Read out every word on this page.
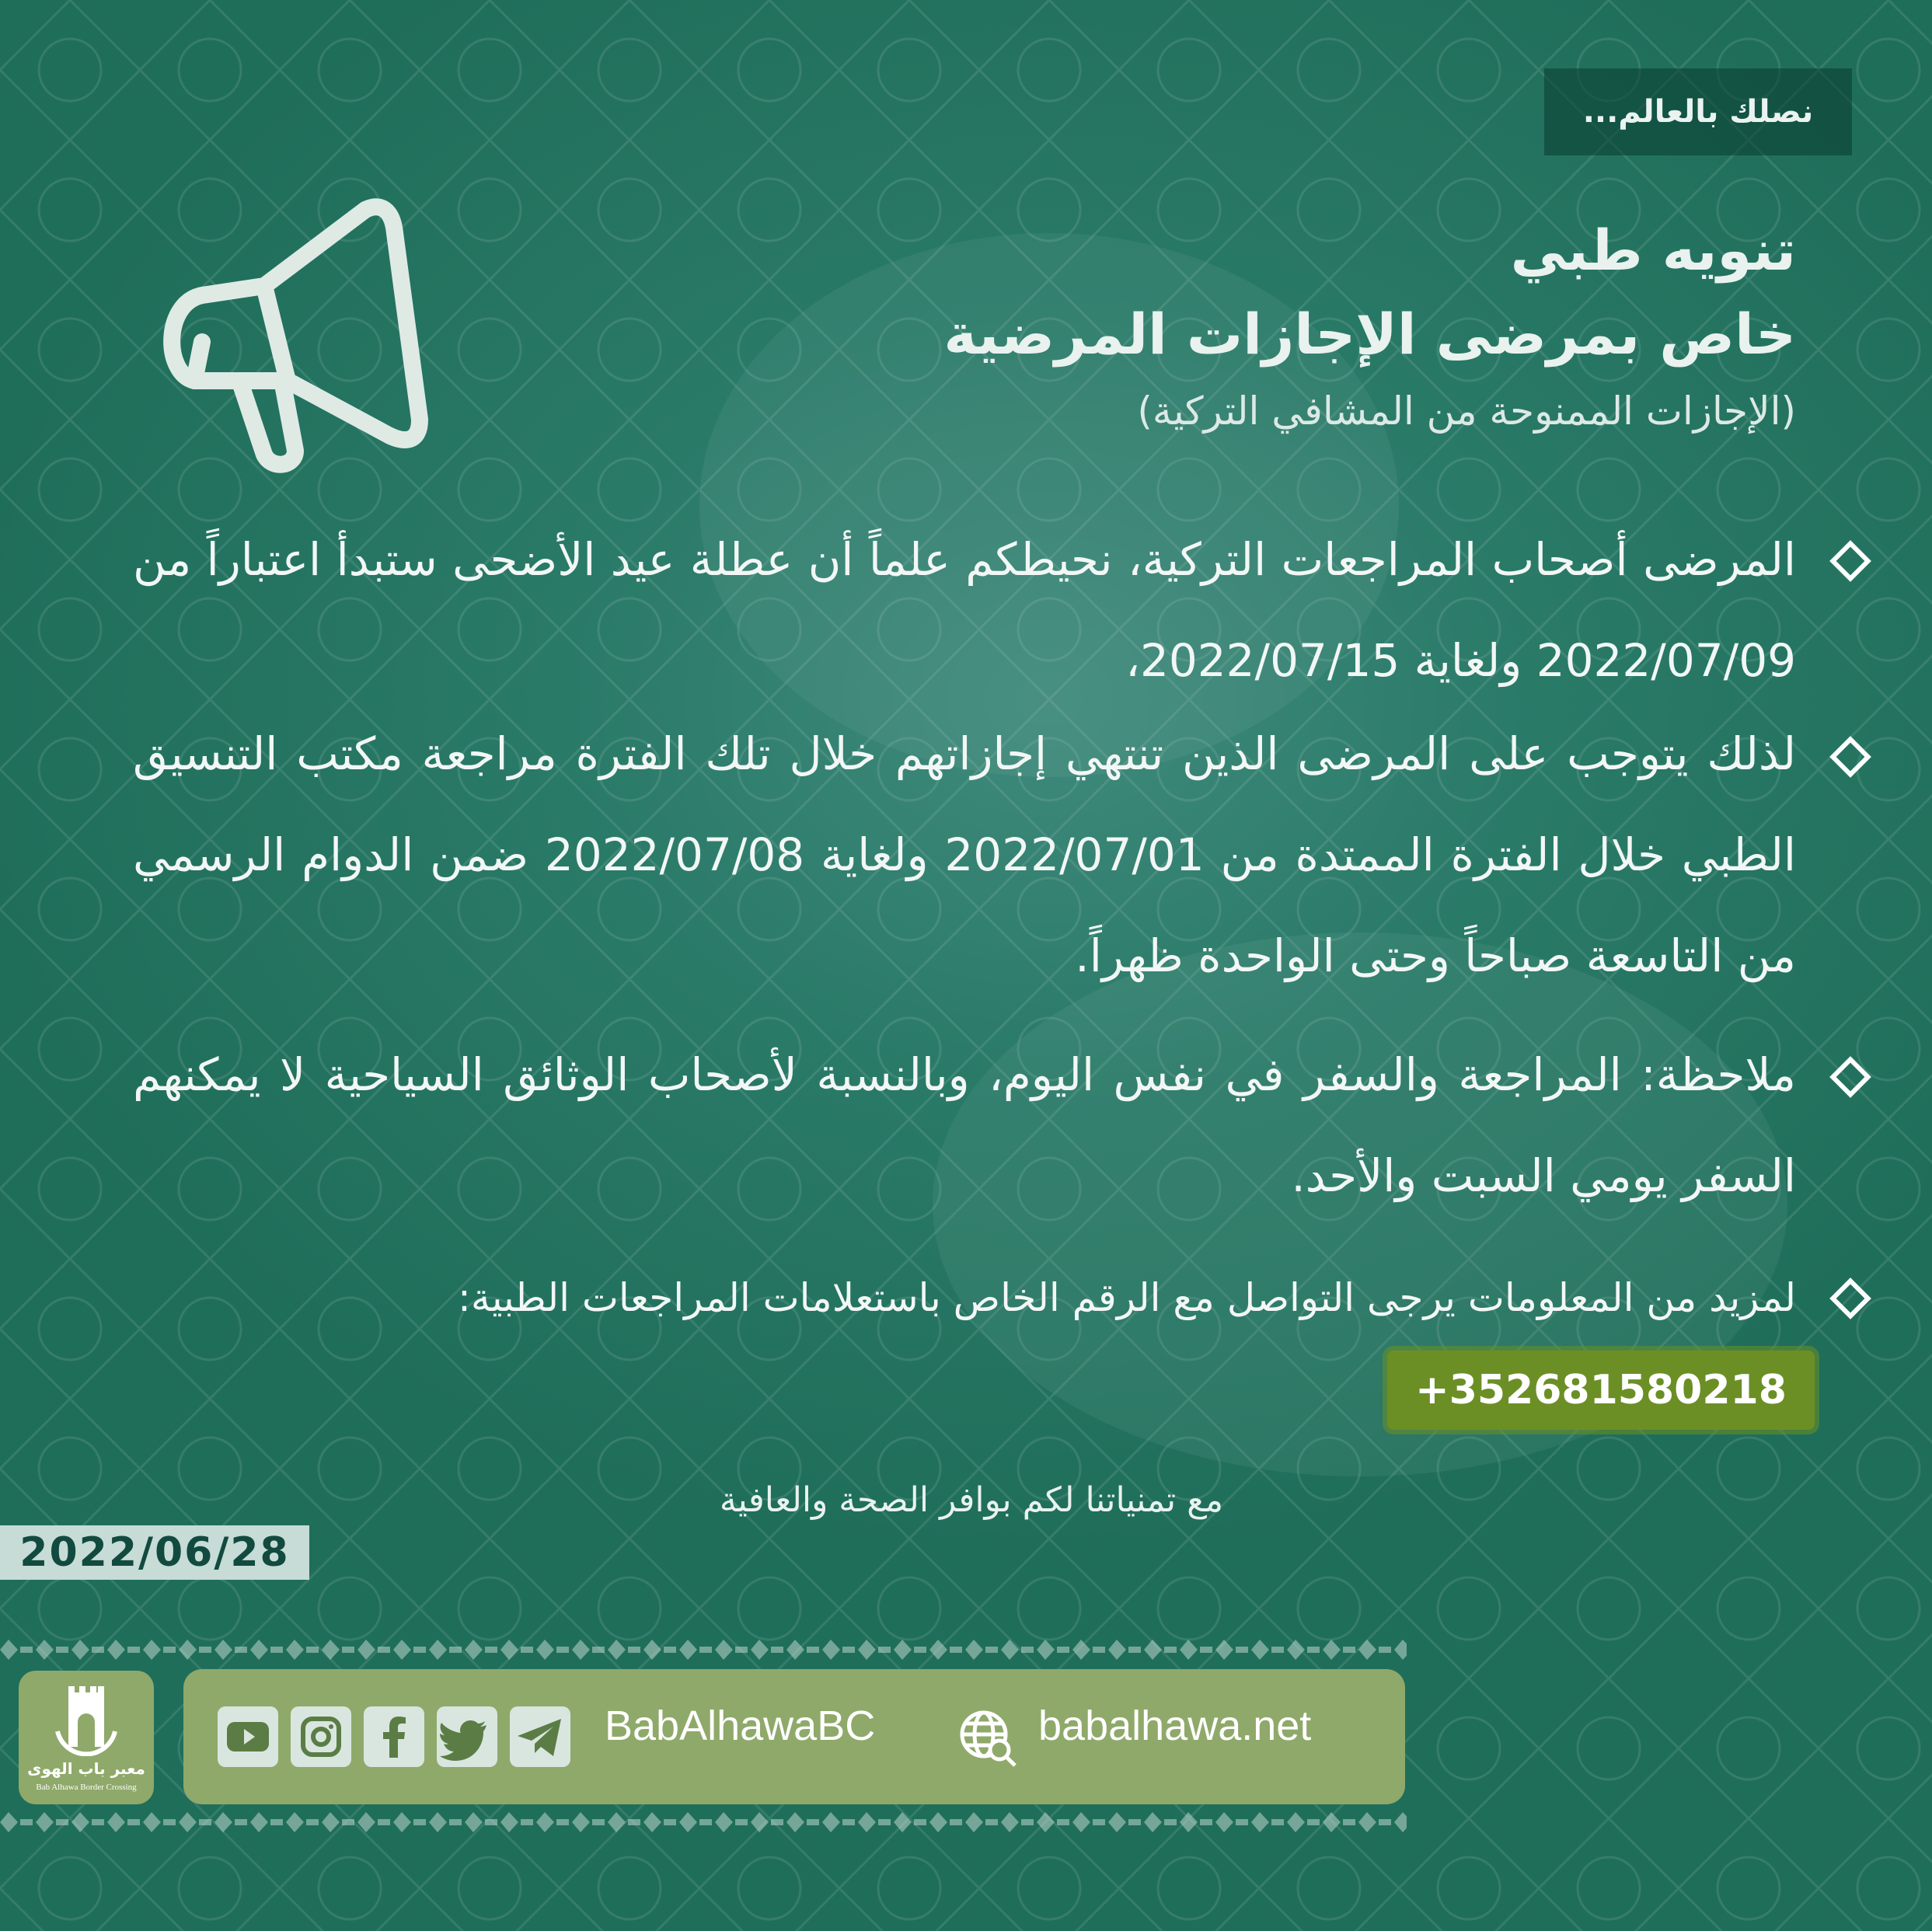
نصلك بالعالم...
تنويه طبي
خاص بمرضى الإجازات المرضية
(الإجازات الممنوحة من المشافي التركية)
المرضى أصحاب المراجعات التركية، نحيطكم علماً أن عطلة عيد الأضحى ستبدأ اعتباراً من 2022/07/09 ولغاية 2022/07/15،
لذلك يتوجب على المرضى الذين تنتهي إجازاتهم خلال تلك الفترة مراجعة مكتب التنسيق الطبي خلال الفترة الممتدة من 2022/07/01 ولغاية 2022/07/08 ضمن الدوام الرسمي من التاسعة صباحاً وحتى الواحدة ظهراً.
ملاحظة: المراجعة والسفر في نفس اليوم، وبالنسبة لأصحاب الوثائق السياحية لا يمكنهم السفر يومي السبت والأحد.
لمزيد من المعلومات يرجى التواصل مع الرقم الخاص باستعلامات المراجعات الطبية:
+352681580218
مع تمنياتنا لكم بوافر الصحة والعافية
2022/06/28
معبر باب الهوى
Bab Alhawa Border Crossing
BabAlhawaBC	babalhawa.net
